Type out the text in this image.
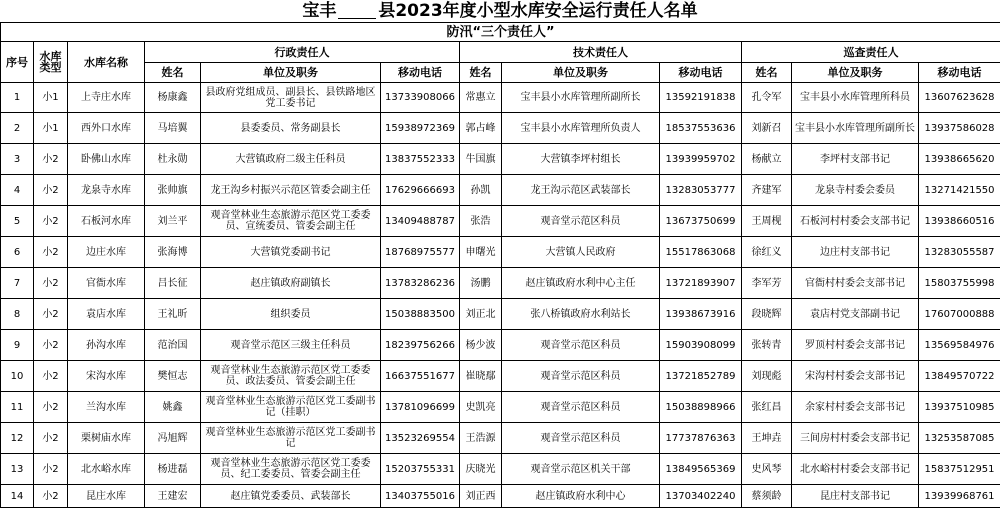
宝丰 县2023年度小型水库安全运行责任人名单
防汛“三个责任人”											
序号	水库类型	水库名称	行政责任人			技术责任人			巡查责任人		
			姓名	单位及职务	移动电话	姓名	单位及职务	移动电话	姓名	单位及职务	移动电话
1	小1	上寺庄水库	杨康鑫	县政府党组成员、副县长、县铁路地区党工委书记	13733908066	常惠立	宝丰县小水库管理所副所长	13592191838	孔令军	宝丰县小水库管理所科员	13607623628
2	小1	西外口水库	马培翼	县委委员、常务副县长	15938972369	郭占峰	宝丰县小水库管理所负责人	18537553636	刘新召	宝丰县小水库管理所副所长	13937586028
3	小2	卧佛山水库	杜永勋	大营镇政府二级主任科员	13837552333	牛国旗	大营镇李坪村组长	13939959702	杨献立	李坪村支部书记	13938665620
4	小2	龙泉寺水库	张帅旗	龙王沟乡村振兴示范区管委会副主任	17629666693	孙凯	龙王沟示范区武装部长	13283053777	齐建军	龙泉寺村委会委员	13271421550
5	小2	石板河水库	刘兰平	观音堂林业生态旅游示范区党工委委员、宣统委员、管委会副主任	13409488787	张浩	观音堂示范区科员	13673750699	王周枧	石板河村村委会支部书记	13938660516
6	小2	边庄水库	张海博	大营镇党委副书记	18768975577	申曙光	大营镇人民政府	15517863068	徐红义	边庄村支部书记	13283055587
7	小2	官衙水库	吕长征	赵庄镇政府副镇长	13783286236	汤鹏	赵庄镇政府水利中心主任	13721893907	李军芳	官衙村村委会支部书记	15803755998
8	小2	袁店水库	王礼昕	组织委员	15038883500	刘正北	张八桥镇政府水利站长	13938673916	段晓辉	袁店村党支部副书记	17607000888
9	小2	孙沟水库	范治国	观音堂示范区三级主任科员	18239756266	杨少波	观音堂示范区科员	15903908099	张转青	罗顶村村委会支部书记	13569584976
10	小2	宋沟水库	樊恒志	观音堂林业生态旅游示范区党工委委员、政法委员、管委会副主任	16637551677	崔晓鄢	观音堂示范区科员	13721852789	刘现彪	宋沟村村委会支部书记	13849570722
11	小2	兰沟水库	姚鑫	观音堂林业生态旅游示范区党工委副书记（挂职）	13781096699	史凯亮	观音堂示范区科员	15038898966	张红昌	余家村村委会支部书记	13937510985
12	小2	栗树庙水库	冯旭辉	观音堂林业生态旅游示范区党工委副书记	13523269554	王浩源	观音堂示范区科员	17737876363	王坤垚	三间房村村委会支部书记	13253587085
13	小2	北水峪水库	杨进磊	观音堂林业生态旅游示范区党工委委员、纪工委委员、管委会副主任	15203755331	庆晓光	观音堂示范区机关干部	13849565369	史风琴	北水峪村村委会支部书记	15837512951
14	小2	昆庄水库	王建宏	赵庄镇党委委员、武装部长	13403755016	刘正西	赵庄镇政府水利中心	13703402240	蔡须龄	昆庄村支部书记	13939968761
